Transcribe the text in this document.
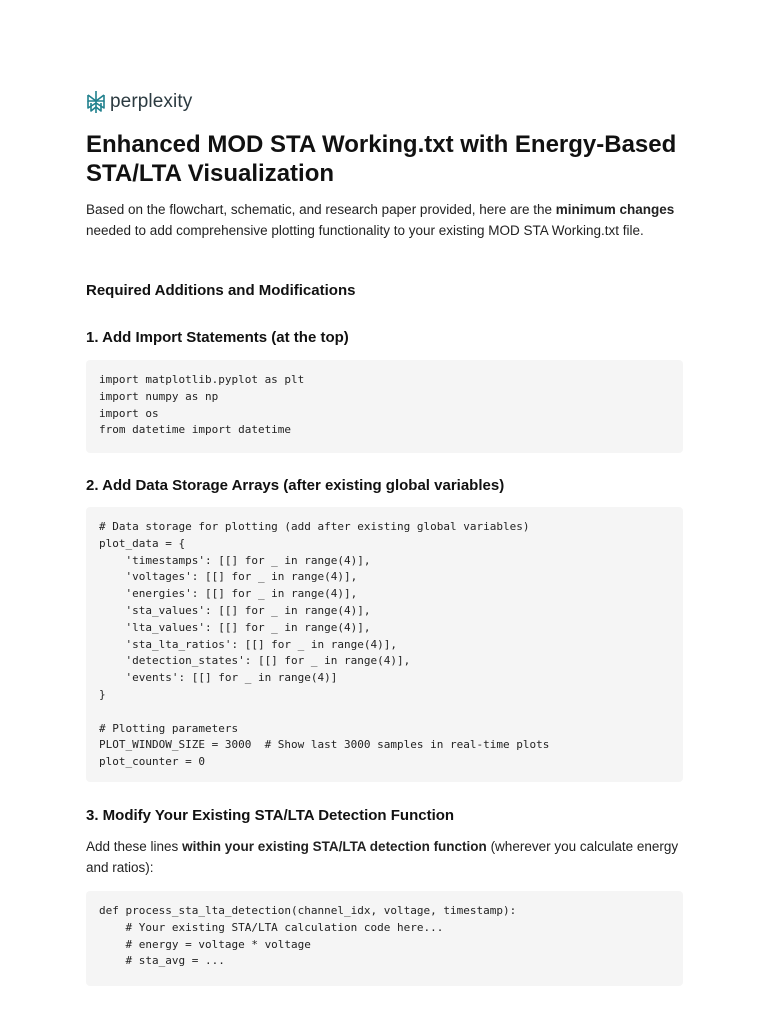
perplexity
Enhanced MOD STA Working.txt with Energy-Based STA/LTA Visualization

Based on the flowchart, schematic, and research paper provided, here are the minimum changes needed to add comprehensive plotting functionality to your existing MOD STA Working.txt file.

Required Additions and Modifications
1. Add Import Statements (at the top)
import matplotlib.pyplot as plt
import numpy as np
import os
from datetime import datetime
2. Add Data Storage Arrays (after existing global variables)
# Data storage for plotting (add after existing global variables)
plot_data = {
'timestamps': [[] for _ in range(4)],
'voltages': [[] for _ in range(4)],
'energies': [[] for _ in range(4)],
'sta_values': [[] for _ in range(4)],
'lta_values': [[] for _ in range(4)],
'sta_lta_ratios': [[] for _ in range(4)],
'detection_states': [[] for _ in range(4)],
'events': [[] for _ in range(4)]
}

# Plotting parameters
PLOT_WINDOW_SIZE = 3000  # Show last 3000 samples in real-time plots
plot_counter = 0
3. Modify Your Existing STA/LTA Detection Function

Add these lines within your existing STA/LTA detection function (wherever you calculate energy and ratios):

def process_sta_lta_detection(channel_idx, voltage, timestamp):
# Your existing STA/LTA calculation code here...
# energy = voltage * voltage
# sta_avg = ...
